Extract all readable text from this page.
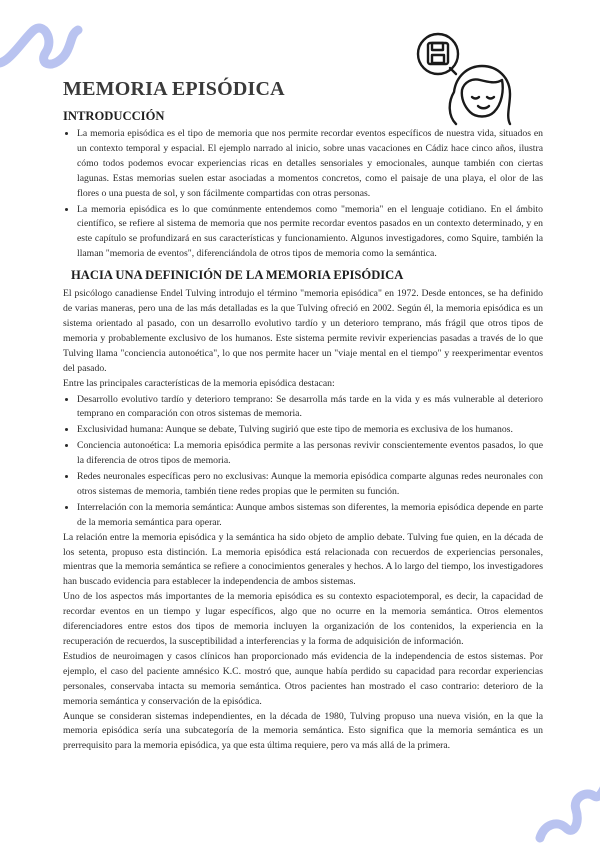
MEMORIA EPISÓDICA
INTRODUCCIÓN
• La memoria episódica es el tipo de memoria que nos permite recordar eventos específicos de nuestra vida, situados en un contexto temporal y espacial. El ejemplo narrado al inicio, sobre unas vacaciones en Cádiz hace cinco años, ilustra cómo todos podemos evocar experiencias ricas en detalles sensoriales y emocionales, aunque también con ciertas lagunas. Estas memorias suelen estar asociadas a momentos concretos, como el paisaje de una playa, el olor de las flores o una puesta de sol, y son fácilmente compartidas con otras personas.
• La memoria episódica es lo que comúnmente entendemos como "memoria" en el lenguaje cotidiano. En el ámbito científico, se refiere al sistema de memoria que nos permite recordar eventos pasados en un contexto determinado, y en este capítulo se profundizará en sus características y funcionamiento. Algunos investigadores, como Squire, también la llaman "memoria de eventos", diferenciándola de otros tipos de memoria como la semántica.
HACIA UNA DEFINICIÓN DE LA MEMORIA EPISÓDICA

El psicólogo canadiense Endel Tulving introdujo el término "memoria episódica" en 1972. Desde entonces, se ha definido de varias maneras, pero una de las más detalladas es la que Tulving ofreció en 2002. Según él, la memoria episódica es un sistema orientado al pasado, con un desarrollo evolutivo tardío y un deterioro temprano, más frágil que otros tipos de memoria y probablemente exclusivo de los humanos. Este sistema permite revivir experiencias pasadas a través de lo que Tulving llama "conciencia autonoética", lo que nos permite hacer un "viaje mental en el tiempo" y reexperimentar eventos del pasado.

Entre las principales características de la memoria episódica destacan:

• Desarrollo evolutivo tardío y deterioro temprano: Se desarrolla más tarde en la vida y es más vulnerable al deterioro temprano en comparación con otros sistemas de memoria.
• Exclusividad humana: Aunque se debate, Tulving sugirió que este tipo de memoria es exclusiva de los humanos.
• Conciencia autonoética: La memoria episódica permite a las personas revivir conscientemente eventos pasados, lo que la diferencia de otros tipos de memoria.
• Redes neuronales específicas pero no exclusivas: Aunque la memoria episódica comparte algunas redes neuronales con otros sistemas de memoria, también tiene redes propias que le permiten su función.
• Interrelación con la memoria semántica: Aunque ambos sistemas son diferentes, la memoria episódica depende en parte de la memoria semántica para operar.

La relación entre la memoria episódica y la semántica ha sido objeto de amplio debate. Tulving fue quien, en la década de los setenta, propuso esta distinción. La memoria episódica está relacionada con recuerdos de experiencias personales, mientras que la memoria semántica se refiere a conocimientos generales y hechos. A lo largo del tiempo, los investigadores han buscado evidencia para establecer la independencia de ambos sistemas.

Uno de los aspectos más importantes de la memoria episódica es su contexto espaciotemporal, es decir, la capacidad de recordar eventos en un tiempo y lugar específicos, algo que no ocurre en la memoria semántica. Otros elementos diferenciadores entre estos dos tipos de memoria incluyen la organización de los contenidos, la experiencia en la recuperación de recuerdos, la susceptibilidad a interferencias y la forma de adquisición de información.

Estudios de neuroimagen y casos clínicos han proporcionado más evidencia de la independencia de estos sistemas. Por ejemplo, el caso del paciente amnésico K.C. mostró que, aunque había perdido su capacidad para recordar experiencias personales, conservaba intacta su memoria semántica. Otros pacientes han mostrado el caso contrario: deterioro de la memoria semántica y conservación de la episódica.

Aunque se consideran sistemas independientes, en la década de 1980, Tulving propuso una nueva visión, en la que la memoria episódica sería una subcategoría de la memoria semántica. Esto significa que la memoria semántica es un prerrequisito para la memoria episódica, ya que esta última requiere, pero va más allá de la primera.
